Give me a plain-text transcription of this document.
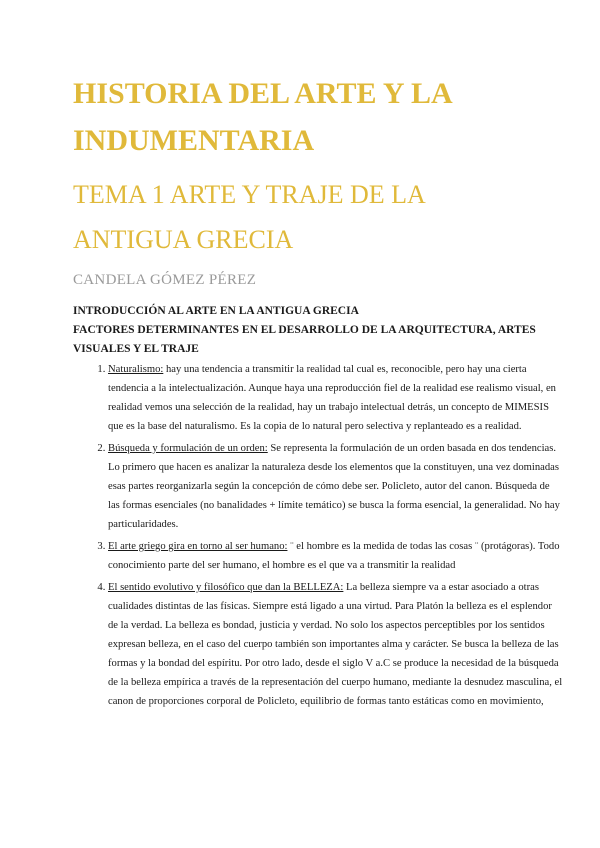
HISTORIA DEL ARTE Y LA INDUMENTARIA
TEMA 1 ARTE Y TRAJE DE LA ANTIGUA GRECIA

CANDELA GÓMEZ PÉREZ

INTRODUCCIÓN AL ARTE EN LA ANTIGUA GRECIA
FACTORES DETERMINANTES EN EL DESARROLLO DE LA ARQUITECTURA, ARTES VISUALES Y EL TRAJE
1. Naturalismo: hay una tendencia a transmitir la realidad tal cual es, reconocible, pero hay una cierta tendencia a la intelectualización. Aunque haya una reproducción fiel de la realidad ese realismo visual, en realidad vemos una selección de la realidad, hay un trabajo intelectual detrás, un concepto de MIMESIS que es la base del naturalismo. Es la copia de lo natural pero selectiva y replanteado es a realidad.
2. Búsqueda y formulación de un orden: Se representa la formulación de un orden basada en dos tendencias. Lo primero que hacen es analizar la naturaleza desde los elementos que la constituyen, una vez dominadas esas partes reorganizarla según la concepción de cómo debe ser. Policleto, autor del canon. Búsqueda de las formas esenciales (no banalidades + límite temático) se busca la forma esencial, la generalidad. No hay particularidades.
3. El arte griego gira en torno al ser humano: ¨ el hombre es la medida de todas las cosas ¨ (protágoras). Todo conocimiento parte del ser humano, el hombre es el que va a transmitir la realidad
4. El sentido evolutivo y filosófico que dan la BELLEZA: La belleza siempre va a estar asociado a otras cualidades distintas de las físicas. Siempre está ligado a una virtud. Para Platón la belleza es el esplendor de la verdad. La belleza es bondad, justicia y verdad. No solo los aspectos perceptibles por los sentidos expresan belleza, en el caso del cuerpo también son importantes alma y carácter. Se busca la belleza de las formas y la bondad del espíritu. Por otro lado, desde el siglo V a.C se produce la necesidad de la búsqueda de la belleza empírica a través de la representación del cuerpo humano, mediante la desnudez masculina, el canon de proporciones corporal de Policleto, equilibrio de formas tanto estáticas como en movimiento,
